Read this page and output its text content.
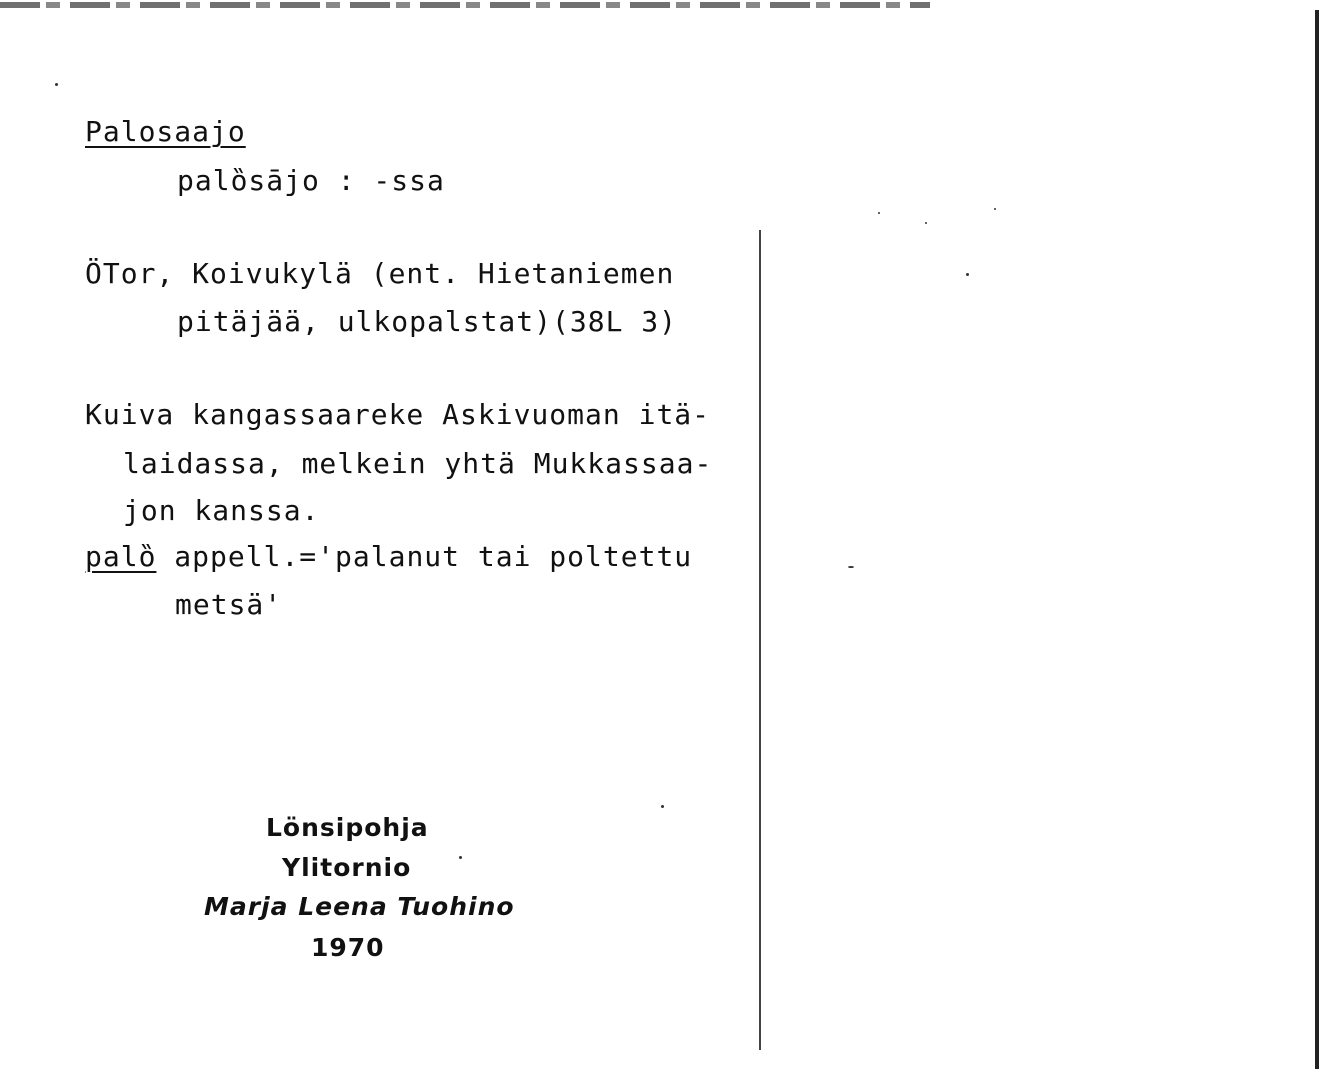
Palosaajo
palȍsājo : -ssa
ÖTor, Koivukylä (ent. Hietaniemen
pitäjää, ulkopalstat)(38L 3)
Kuiva kangassaareke Askivuoman itä-
laidassa, melkein yhtä Mukkassaa-
jon kanssa.
palȍ appell.='palanut tai poltettu
metsä'
Lönsipohja
Ylitornio
Marja Leena Tuohino
1970
